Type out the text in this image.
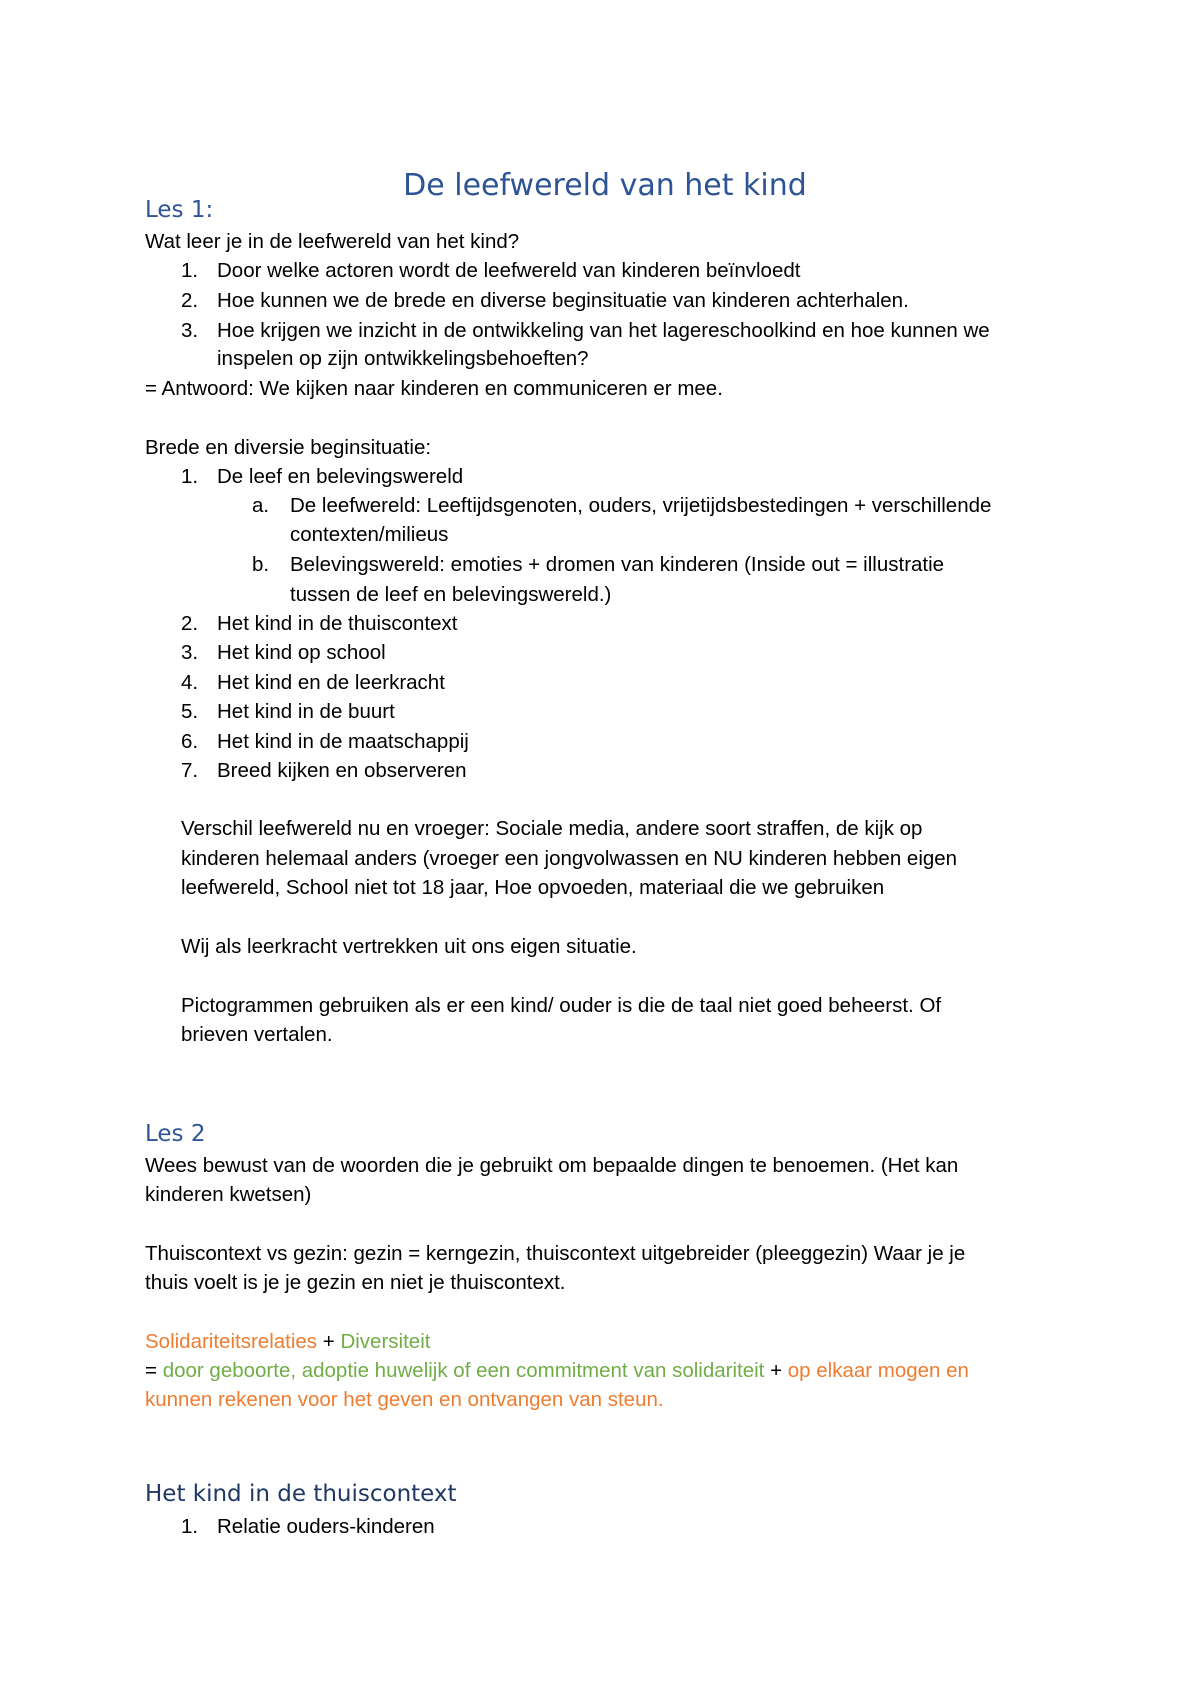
De leefwereld van het kind
Les 1:

Wat leer je in de leefwereld van het kind?

1. Door welke actoren wordt de leefwereld van kinderen beïnvloedt

2. Hoe kunnen we de brede en diverse beginsituatie van kinderen achterhalen.

3. Hoe krijgen we inzicht in de ontwikkeling van het lagereschoolkind en hoe kunnen we

inspelen op zijn ontwikkelingsbehoeften?

= Antwoord: We kijken naar kinderen en communiceren er mee.

Brede en diversie beginsituatie:

1. De leef en belevingswereld

a. De leefwereld: Leeftijdsgenoten, ouders, vrijetijdsbestedingen + verschillende

contexten/milieus

b. Belevingswereld: emoties + dromen van kinderen (Inside out = illustratie

tussen de leef en belevingswereld.)

2. Het kind in de thuiscontext

3. Het kind op school

4. Het kind en de leerkracht

5. Het kind in de buurt

6. Het kind in de maatschappij

7. Breed kijken en observeren

Verschil leefwereld nu en vroeger: Sociale media, andere soort straffen, de kijk op

kinderen helemaal anders (vroeger een jongvolwassen en NU kinderen hebben eigen

leefwereld, School niet tot 18 jaar, Hoe opvoeden, materiaal die we gebruiken

Wij als leerkracht vertrekken uit ons eigen situatie.

Pictogrammen gebruiken als er een kind/ ouder is die de taal niet goed beheerst. Of

brieven vertalen.

Les 2

Wees bewust van de woorden die je gebruikt om bepaalde dingen te benoemen. (Het kan

kinderen kwetsen)

Thuiscontext vs gezin: gezin = kerngezin, thuiscontext uitgebreider (pleeggezin) Waar je je

thuis voelt is je je gezin en niet je thuiscontext.

Solidariteitsrelaties + Diversiteit

= door geboorte, adoptie huwelijk of een commitment van solidariteit + op elkaar mogen en

kunnen rekenen voor het geven en ontvangen van steun.

Het kind in de thuiscontext
1. Relatie ouders-kinderen
